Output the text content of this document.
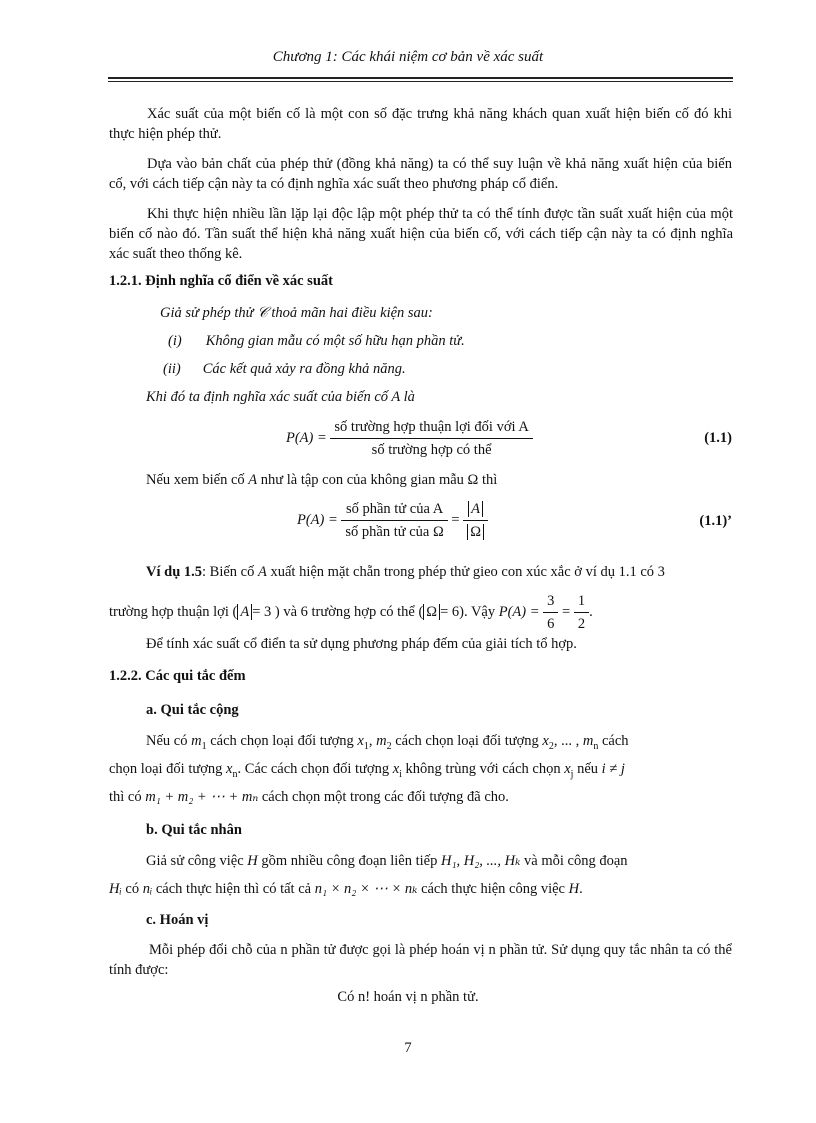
Chương 1: Các khái niệm cơ bản về xác suất

Xác suất của một biến cố là một con số đặc trưng khả năng khách quan xuất hiện biến cố đó khi thực hiện phép thử.

Dựa vào bản chất của phép thử (đồng khả năng) ta có thể suy luận về khả năng xuất hiện của biến cố, với cách tiếp cận này ta có định nghĩa xác suất theo phương pháp cổ điển.

Khi thực hiện nhiều lần lặp lại độc lập một phép thử ta có thể tính được tần suất xuất hiện của một biến cố nào đó. Tần suất thể hiện khả năng xuất hiện của biến cố, với cách tiếp cận này ta có định nghĩa xác suất theo thống kê.

1.2.1. Định nghĩa cổ điển về xác suất
Giả sử phép thử 𝒞 thoả mãn hai điều kiện sau:
(i) Không gian mẫu có một số hữu hạn phần tử.
(ii) Các kết quả xảy ra đồng khả năng.
Khi đó ta định nghĩa xác suất của biến cố A là
$P(A) = \frac{\text{số trường hợp thuận lợi đối với A}}{\text{số trường hợp có thể}}$	(1.1)
Nếu xem biến cố A như là tập con của không gian mẫu Ω thì
$P(A) = \frac{\text{số phần tử của A}}{\text{số phần tử của Ω}} = \frac{A}{\Omega}$	(1.1)’
Ví dụ 1.5: Biến cố A xuất hiện mặt chẵn trong phép thử gieo con xúc xắc ở ví dụ 1.1 có 3
trường hợp thuận lợi ( A = 3 ) và 6 trường hợp có thể ( Ω = 6). Vậy $P(A) = \frac{3}{6} = \frac{1}{2}$ .
Để tính xác suất cổ điển ta sử dụng phương pháp đếm của giải tích tổ hợp.
1.2.2. Các qui tắc đếm
a. Qui tắc cộng
Nếu có $m_1$ cách chọn loại đối tượng $x_1$, $m_2$ cách chọn loại đối tượng $x_2$, ... , $m_n$ cách
chọn loại đối tượng $x_n$. Các cách chọn đối tượng $x_i$ không trùng với cách chọn $x_j$ nếu i ≠ j
thì có m₁ + m₂ + ⋯ + mₙ cách chọn một trong các đối tượng đã cho.
b. Qui tắc nhân
Giả sử công việc H gồm nhiều công đoạn liên tiếp H₁, H₂, ..., Hₖ và mỗi công đoạn
Hᵢ có nᵢ cách thực hiện thì có tất cả n₁ × n₂ × ⋯ × nₖ cách thực hiện công việc H.
c. Hoán vị

Mỗi phép đổi chỗ của n phần tử được gọi là phép hoán vị n phần tử. Sử dụng quy tắc nhân ta có thể tính được:

Có n! hoán vị n phần tử.
7
